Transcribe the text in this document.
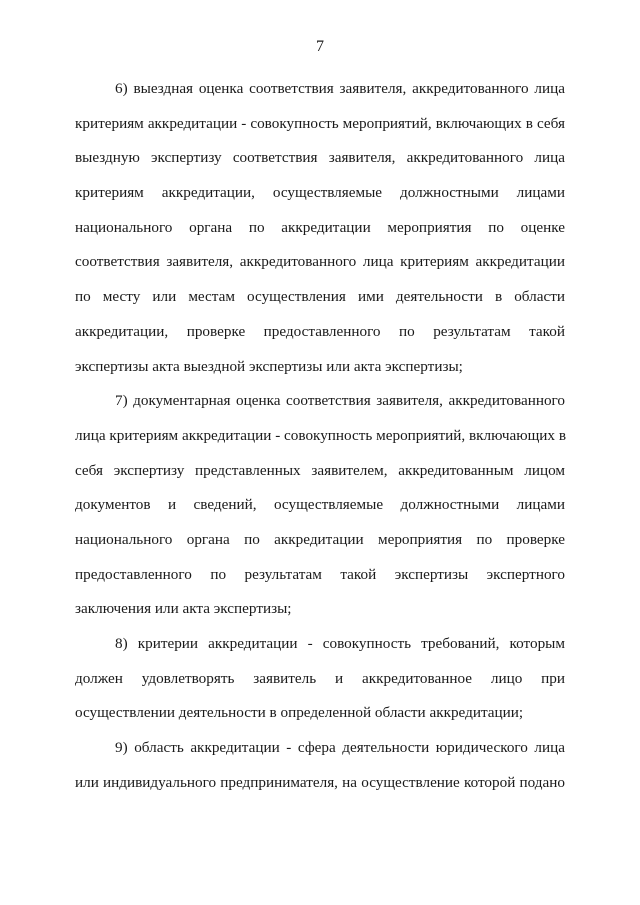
7
6) выездная оценка соответствия заявителя, аккредитованного лица
критериям аккредитации - совокупность мероприятий, включающих в себя
выездную экспертизу соответствия заявителя, аккредитованного лица
критериям аккредитации, осуществляемые должностными лицами
национального органа по аккредитации мероприятия по оценке
соответствия заявителя, аккредитованного лица критериям аккредитации
по месту или местам осуществления ими деятельности в области
аккредитации, проверке предоставленного по результатам такой
экспертизы акта выездной экспертизы или акта экспертизы;
7) документарная оценка соответствия заявителя, аккредитованного
лица критериям аккредитации - совокупность мероприятий, включающих в
себя экспертизу представленных заявителем, аккредитованным лицом
документов и сведений, осуществляемые должностными лицами
национального органа по аккредитации мероприятия по проверке
предоставленного по результатам такой экспертизы экспертного
заключения или акта экспертизы;
8) критерии аккредитации - совокупность требований, которым
должен удовлетворять заявитель и аккредитованное лицо при
осуществлении деятельности в определенной области аккредитации;
9) область аккредитации - сфера деятельности юридического лица
или индивидуального предпринимателя, на осуществление которой подано
